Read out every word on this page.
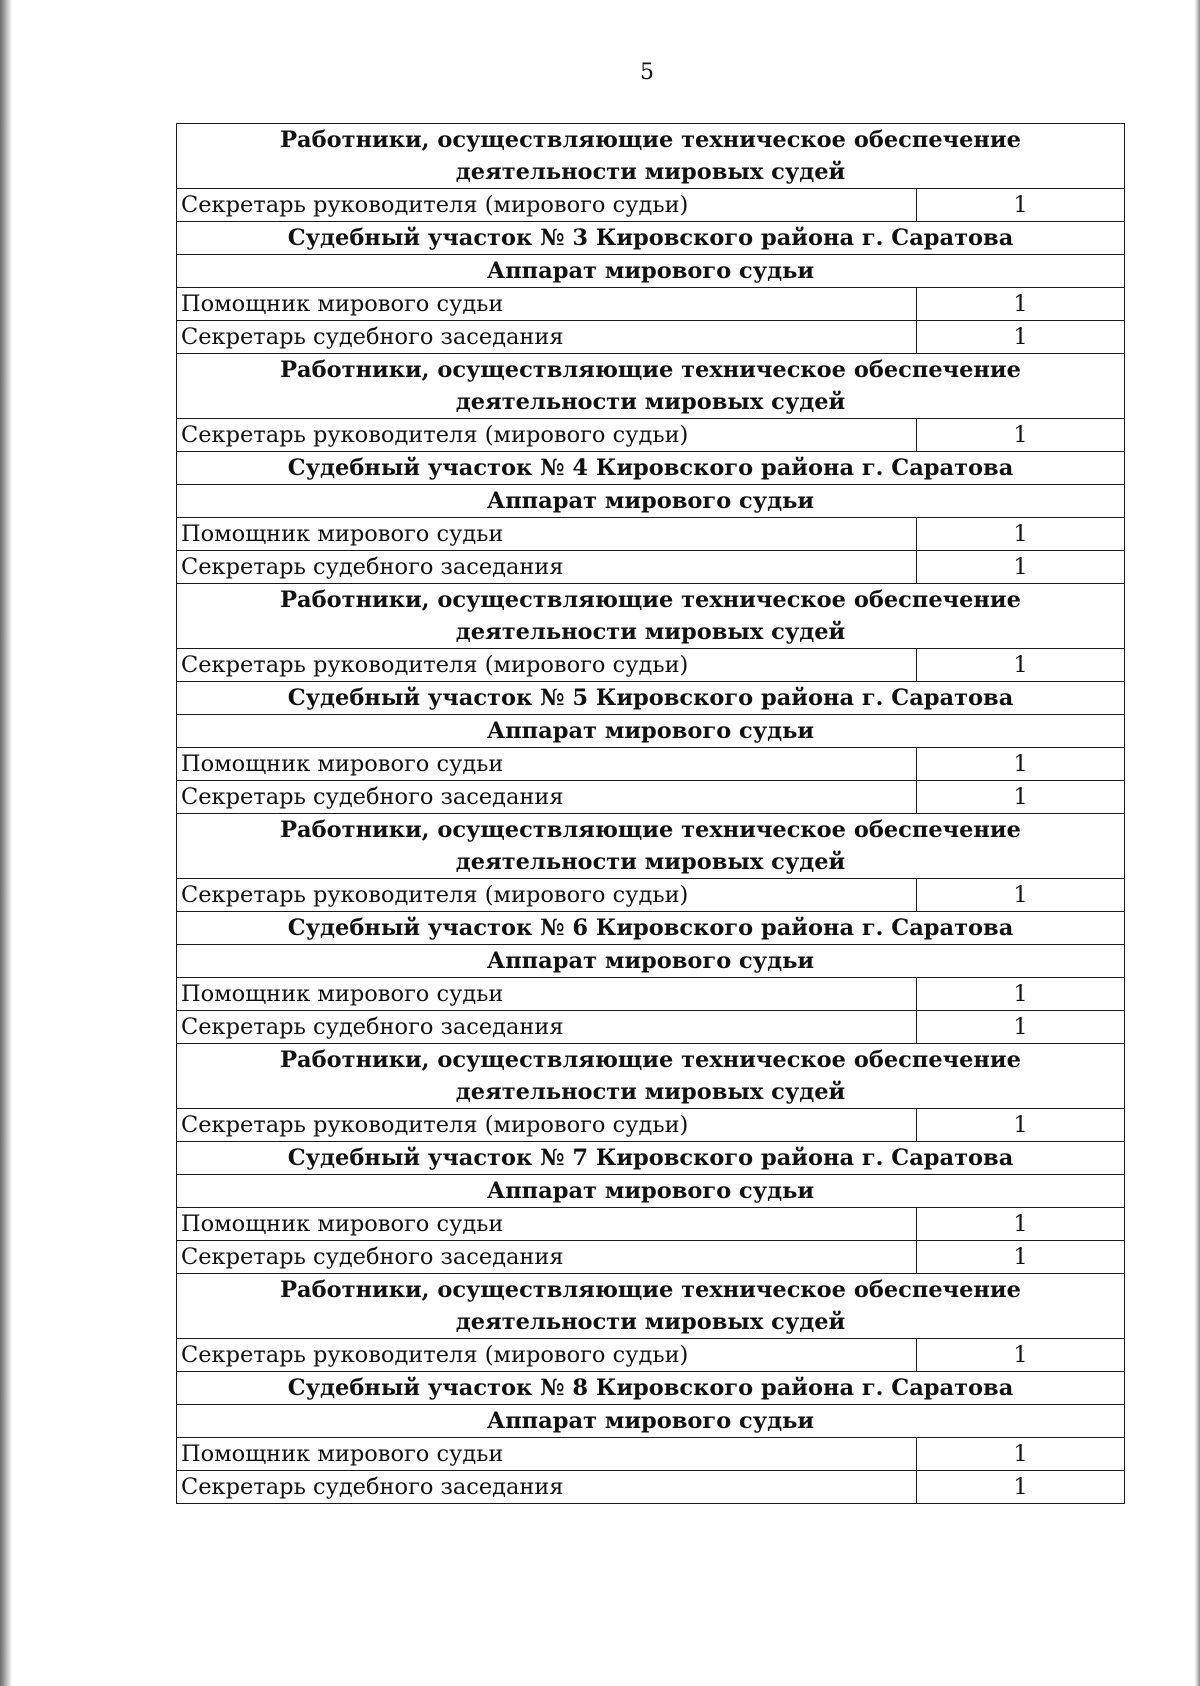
5
Работники, осуществляющие техническое обеспечение деятельности мировых судей	
Секретарь руководителя (мирового судьи)	1
Судебный участок № 3 Кировского района г. Саратова	
Аппарат мирового судьи	
Помощник мирового судьи	1
Секретарь судебного заседания	1
Работники, осуществляющие техническое обеспечение деятельности мировых судей	
Секретарь руководителя (мирового судьи)	1
Судебный участок № 4 Кировского района г. Саратова	
Аппарат мирового судьи	
Помощник мирового судьи	1
Секретарь судебного заседания	1
Работники, осуществляющие техническое обеспечение деятельности мировых судей	
Секретарь руководителя (мирового судьи)	1
Судебный участок № 5 Кировского района г. Саратова	
Аппарат мирового судьи	
Помощник мирового судьи	1
Секретарь судебного заседания	1
Работники, осуществляющие техническое обеспечение деятельности мировых судей	
Секретарь руководителя (мирового судьи)	1
Судебный участок № 6 Кировского района г. Саратова	
Аппарат мирового судьи	
Помощник мирового судьи	1
Секретарь судебного заседания	1
Работники, осуществляющие техническое обеспечение деятельности мировых судей	
Секретарь руководителя (мирового судьи)	1
Судебный участок № 7 Кировского района г. Саратова	
Аппарат мирового судьи	
Помощник мирового судьи	1
Секретарь судебного заседания	1
Работники, осуществляющие техническое обеспечение деятельности мировых судей	
Секретарь руководителя (мирового судьи)	1
Судебный участок № 8 Кировского района г. Саратова	
Аппарат мирового судьи	
Помощник мирового судьи	1
Секретарь судебного заседания	1
